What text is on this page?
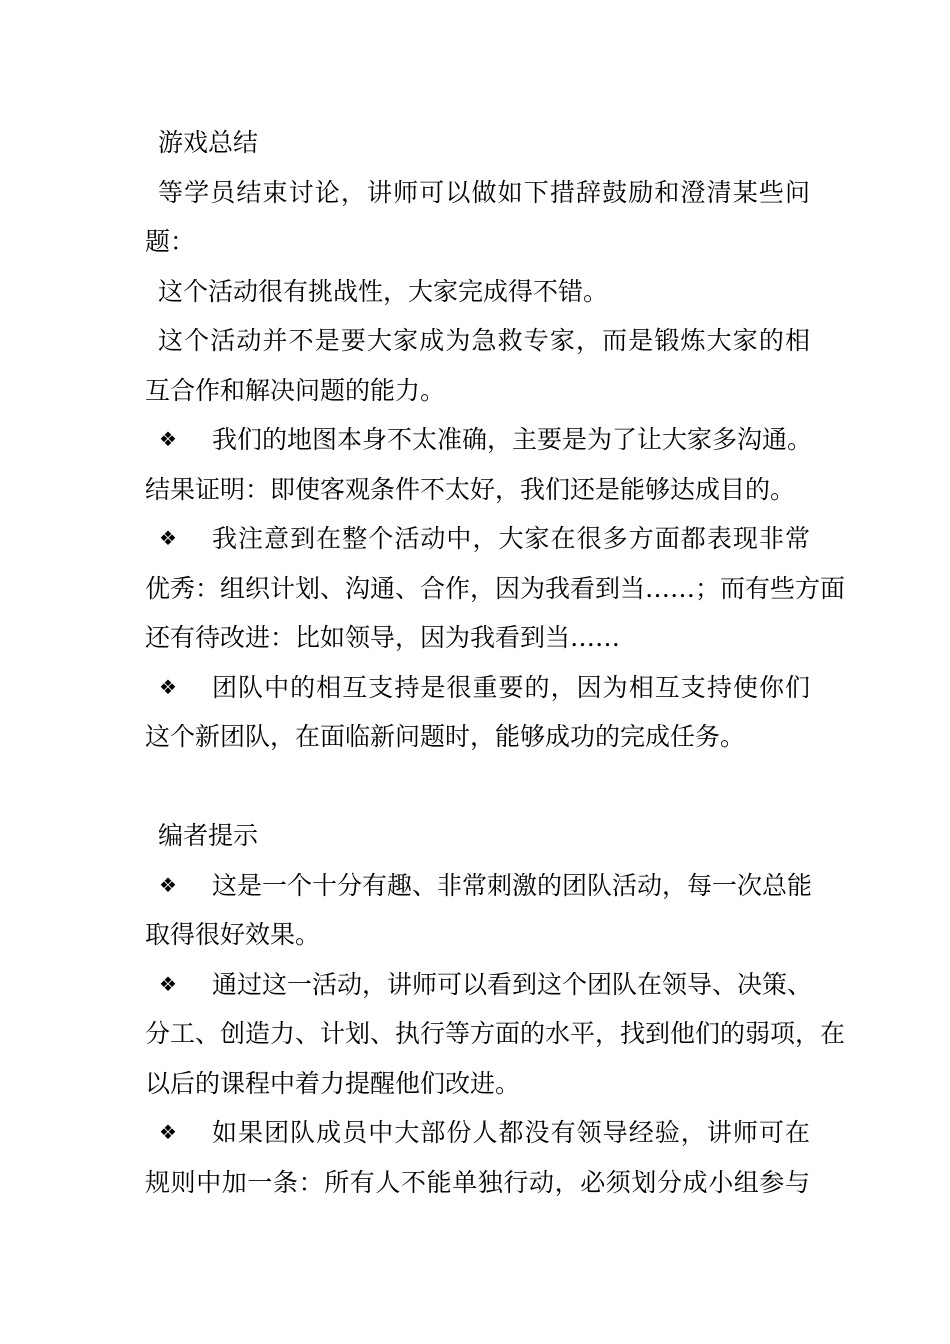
游戏总结
等学员结束讨论，讲师可以做如下措辞鼓励和澄清某些问
题：
这个活动很有挑战性，大家完成得不错。
这个活动并不是要大家成为急救专家，而是锻炼大家的相
互合作和解决问题的能力。
❖ 我们的地图本身不太准确，主要是为了让大家多沟通。
结果证明：即使客观条件不太好，我们还是能够达成目的。
❖ 我注意到在整个活动中，大家在很多方面都表现非常
优秀：组织计划、沟通、合作，因为我看到当……；而有些方面
还有待改进：比如领导，因为我看到当……
❖ 团队中的相互支持是很重要的，因为相互支持使你们
这个新团队，在面临新问题时，能够成功的完成任务。
编者提示
❖ 这是一个十分有趣、非常刺激的团队活动，每一次总能
取得很好效果。
❖ 通过这一活动，讲师可以看到这个团队在领导、决策、
分工、创造力、计划、执行等方面的水平，找到他们的弱项，在
以后的课程中着力提醒他们改进。
❖ 如果团队成员中大部份人都没有领导经验，讲师可在
规则中加一条：所有人不能单独行动，必须划分成小组参与
